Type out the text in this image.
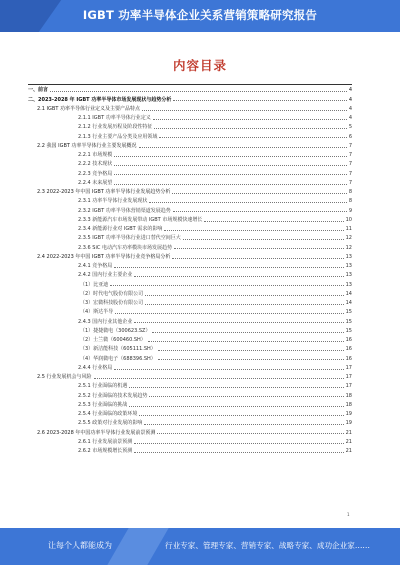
IGBT 功率半导体企业关系营销策略研究报告
内容目录
一、前言	4
二、2023-2028 年 IGBT 功率半导体市场发展现状与趋势分析	4
2.1 IGBT 功率半导体行业定义及主要产品特点	4
2.1.1 IGBT 功率半导体行业定义	4
2.1.2 行业发展历程及阶段性特征	5
2.1.3 行业主要产品分类及应用领域	6
2.2 我国 IGBT 功率半导体行业主要发展概况	7
2.2.1 市场规模	7
2.2.2 技术现状	7
2.2.3 竞争格局	7
2.2.4 未来展望	7
2.3 2022-2023 年中国 IGBT 功率半导体行业发展趋势分析	8
2.3.1 功率半导体行业发展现状	8
2.3.2 IGBT 功率半导体营销渠道发展趋势	9
2.3.3 新能源汽车市场发展带动 IGBT 市场规模快速增长	10
2.3.4 新能源行业对 IGBT 需求的影响	11
2.3.5 IGBT 功率半导体行业进口替代空间巨大	12
2.3.6 SiC 电动汽车功率模块市场发展趋势	12
2.4 2022-2023 年中国 IGBT 功率半导体行业竞争格局分析	13
2.4.1 竞争格局	13
2.4.2 国内行业主要企业	13
（1）比亚迪	13
（2）时代电气股份有限公司	14
（3）宏微科技股份有限公司	14
（4）斯达半导	15
2.4.3 国内行业其他企业	15
（1）捷捷微电（300623.SZ）	15
（2）士兰微（600460.SH）	16
（3）新洁能科技（605111.SH）	16
（4）华润微电子（688396.SH）	16
2.4.4 行业格局	17
2.5 行业发展机会与风险	17
2.5.1 行业面临的机遇	17
2.5.2 行业面临的技术发展趋势	18
2.5.3 行业面临的挑战	18
2.5.4 行业面临的政策环境	19
2.5.5 政策对行业发展的影响	19
2.6 2023-2028 年中国功率半导体行业发展前景预测	21
2.6.1 行业发展前景预测	21
2.6.2 市场规模增长预测	21
1
让每个人都能成为	行业专家、管理专家、营销专家、战略专家、成功企业家……
